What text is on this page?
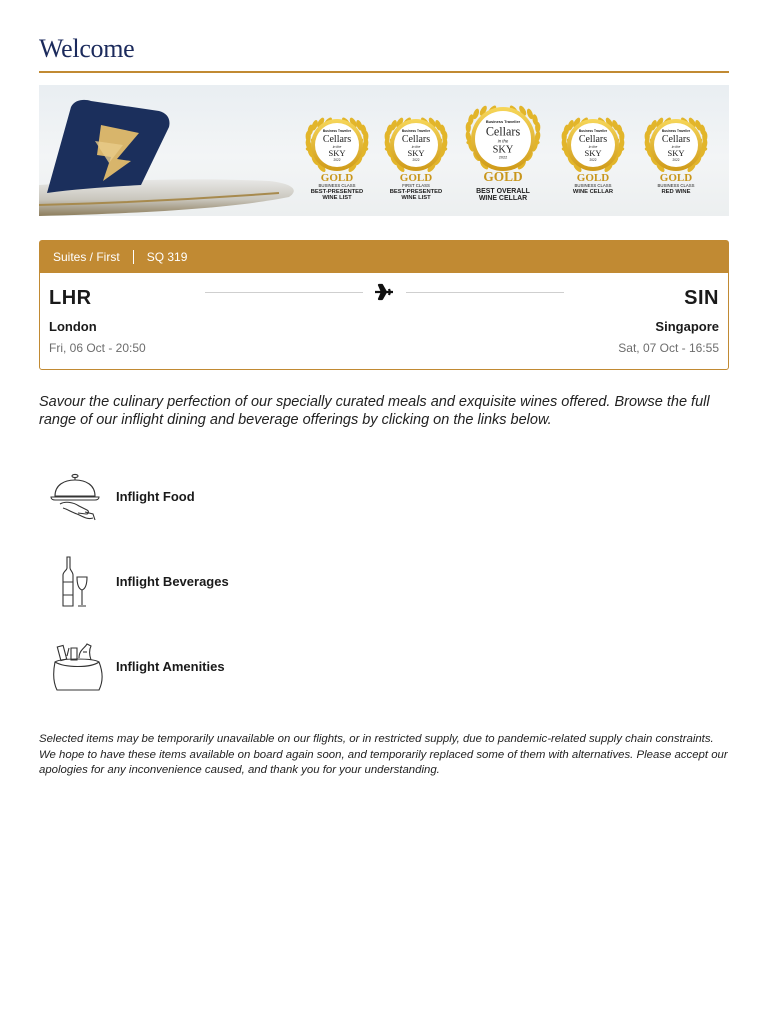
Welcome
Business Traveller
Cellars
in the
SKY
2022
GOLD
BUSINESS CLASS
BEST-PRESENTED
WINE LIST
Business Traveller
Cellars
in the
SKY
2022
GOLD
FIRST CLASS
BEST-PRESENTED
WINE LIST
Business Traveller
Cellars
in the
SKY
2022
GOLD
BEST OVERALL
WINE CELLAR
Business Traveller
Cellars
in the
SKY
2022
GOLD
BUSINESS CLASS
WINE CELLAR
Business Traveller
Cellars
in the
SKY
2022
GOLD
BUSINESS CLASS
RED WINE
Suites / First SQ 319
LHR	SIN
London	Singapore
Fri, 06 Oct - 20:50	Sat, 07 Oct - 16:55
Savour the culinary perfection of our specially curated meals and exquisite wines offered. Browse the full range of our inflight dining and beverage offerings by clicking on the links below.
Inflight Food
Inflight Beverages
Inflight Amenities
Selected items may be temporarily unavailable on our flights, or in restricted supply, due to pandemic-related supply chain constraints. We hope to have these items available on board again soon, and temporarily replaced some of them with alternatives. Please accept our apologies for any inconvenience caused, and thank you for your understanding.
